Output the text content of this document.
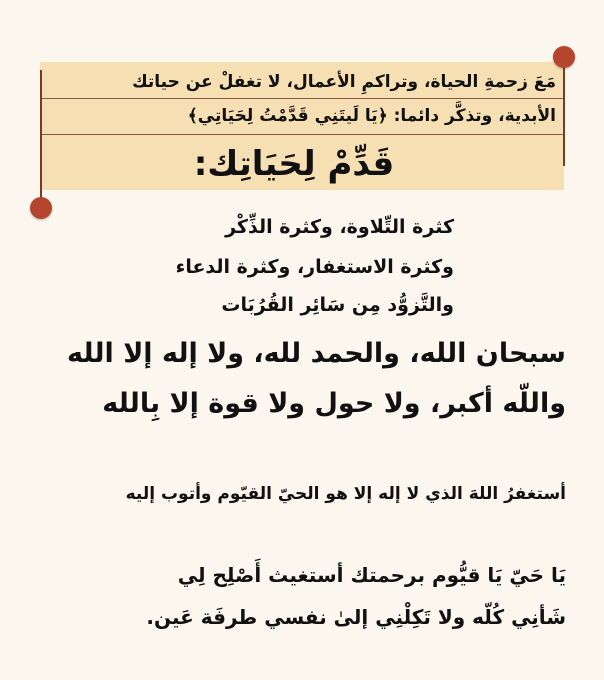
مَعَ زحمةِ الحياة، وتراكمِ الأعمال، لا تغفلْ عن حياتك
الأبدية، وتذكَّر دائما: ﴿يَا لَيتَنِي قَدَّمْتُ لِحَيَاتِي﴾
قَدِّمْ لِحَيَاتِك:
كثرة التِّلاوة، وكثرة الذِّكْر
وكثرة الاستغفار، وكثرة الدعاء
والتَّزوُّد مِن سَائِر القُرُبَات
سبحان الله، والحمد لله، ولا إله إلا الله
واللّه أكبر، ولا حول ولا قوة إلا بِالله
أستغفرُ اللهَ الذي لا إله إلا هو الحيّ القيّوم وأتوب إليه
يَا حَيّ يَا قيُّوم برحمتك أستغيث أَصْلِح لِي
شَأنِي كُلّه ولا تَكِلْنِي إلىٰ نفسي طرفَة عَين.
